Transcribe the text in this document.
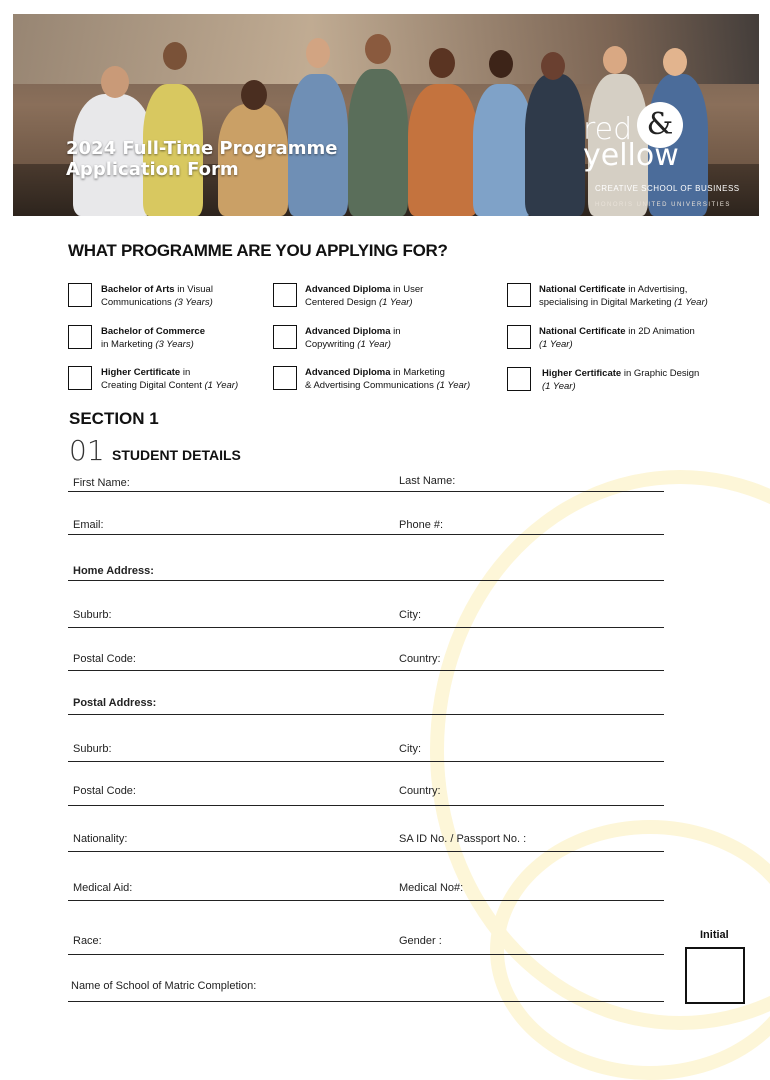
2024 Full-Time Programme
Application Form
red &
yellow
CREATIVE SCHOOL OF BUSINESS
HONORIS UNITED UNIVERSITIES
WHAT PROGRAMME ARE YOU APPLYING FOR?
Bachelor of Arts in Visual
Communications (3 Years)
Advanced Diploma in User
Centered Design (1 Year)
National Certificate in Advertising,
specialising in Digital Marketing (1 Year)
Bachelor of Commerce
in Marketing (3 Years)
Advanced Diploma in
Copywriting (1 Year)
National Certificate in 2D Animation
(1 Year)
Higher Certificate in
Creating Digital Content (1 Year)
Advanced Diploma in Marketing
& Advertising Communications (1 Year)
Higher Certificate in Graphic Design
(1 Year)
SECTION 1
01 STUDENT DETAILS
First Name:	Last Name:
Email:	Phone #:
Home Address:
Suburb:	City:
Postal Code:	Country:
Postal Address:
Suburb:	City:
Postal Code:	Country:
Nationality:	SA ID No. / Passport No. :
Medical Aid:	Medical No#:
Race:	Gender :
Name of School of Matric Completion:
Initial
